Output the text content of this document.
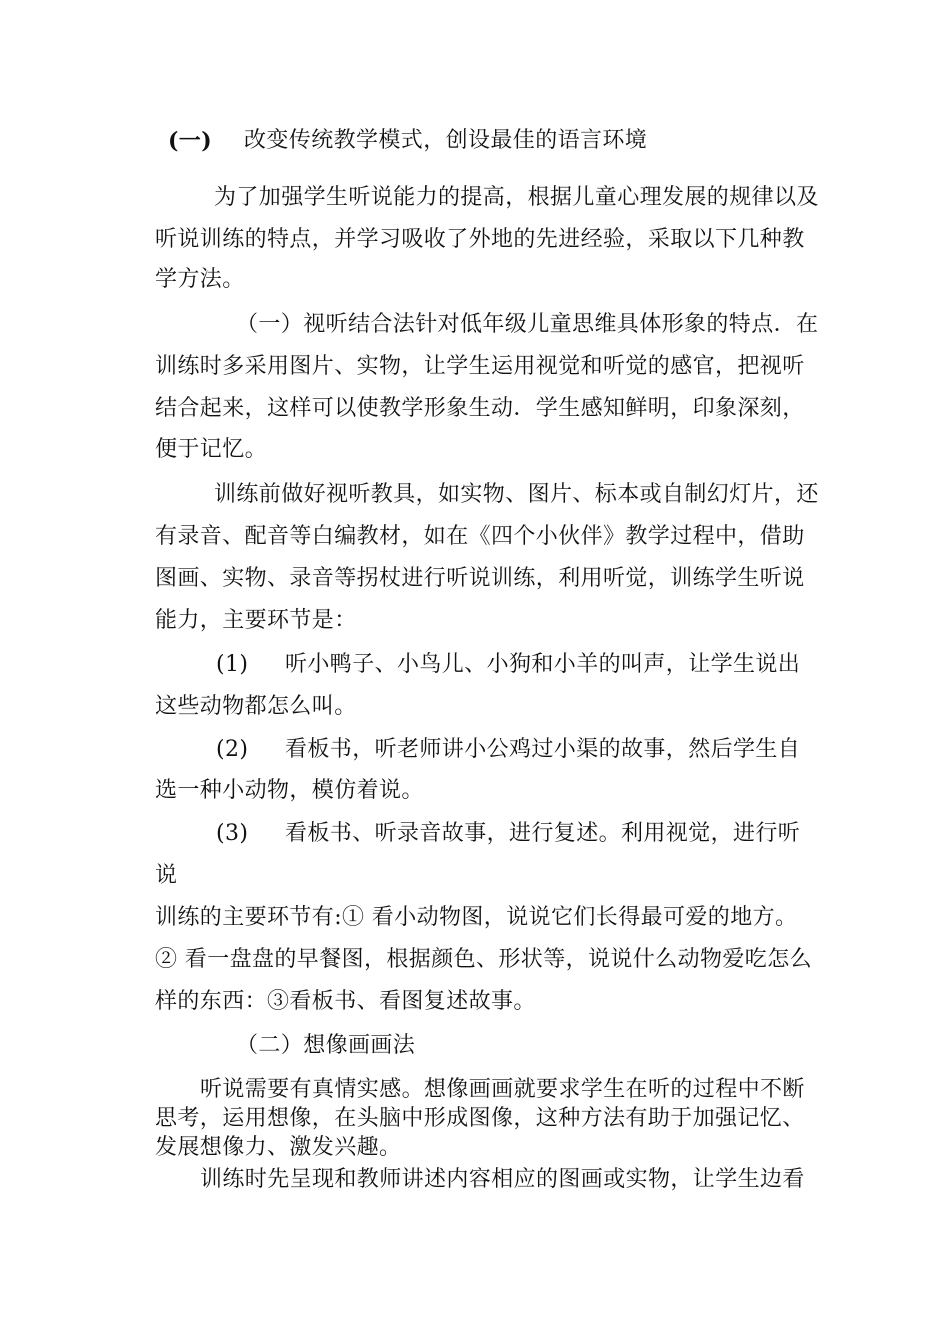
(一) 改变传统教学模式，创设最佳的语言环境
为了加强学生听说能力的提高，根据儿童心理发展的规律以及
听说训练的特点，并学习吸收了外地的先进经验，采取以下几种教
学方法。
（一）视听结合法针对低年级儿童思维具体形象的特点．在
训练时多采用图片、实物，让学生运用视觉和听觉的感官，把视听
结合起来，这样可以使教学形象生动．学生感知鲜明，印象深刻，
便于记忆。
训练前做好视听教具，如实物、图片、标本或自制幻灯片，还
有录音、配音等白编教材，如在《四个小伙伴》教学过程中，借助
图画、实物、录音等拐杖进行听说训练，利用听觉，训练学生听说
能力，主要环节是：
(1) 听小鸭子、小鸟儿、小狗和小羊的叫声，让学生说出
这些动物都怎么叫。
(2) 看板书，听老师讲小公鸡过小渠的故事，然后学生自
选一种小动物，模仿着说。
(3) 看板书、听录音故事，进行复述。利用视觉，进行听
说
训练的主要环节有:① 看小动物图，说说它们长得最可爱的地方。
② 看一盘盘的早餐图，根据颜色、形状等，说说什么动物爱吃怎么
样的东西：③看板书、看图复述故事。
（二）想像画画法
听说需要有真情实感。想像画画就要求学生在听的过程中不断
思考，运用想像，在头脑中形成图像，这种方法有助于加强记忆、
发展想像力、激发兴趣。
训练时先呈现和教师讲述内容相应的图画或实物，让学生边看
